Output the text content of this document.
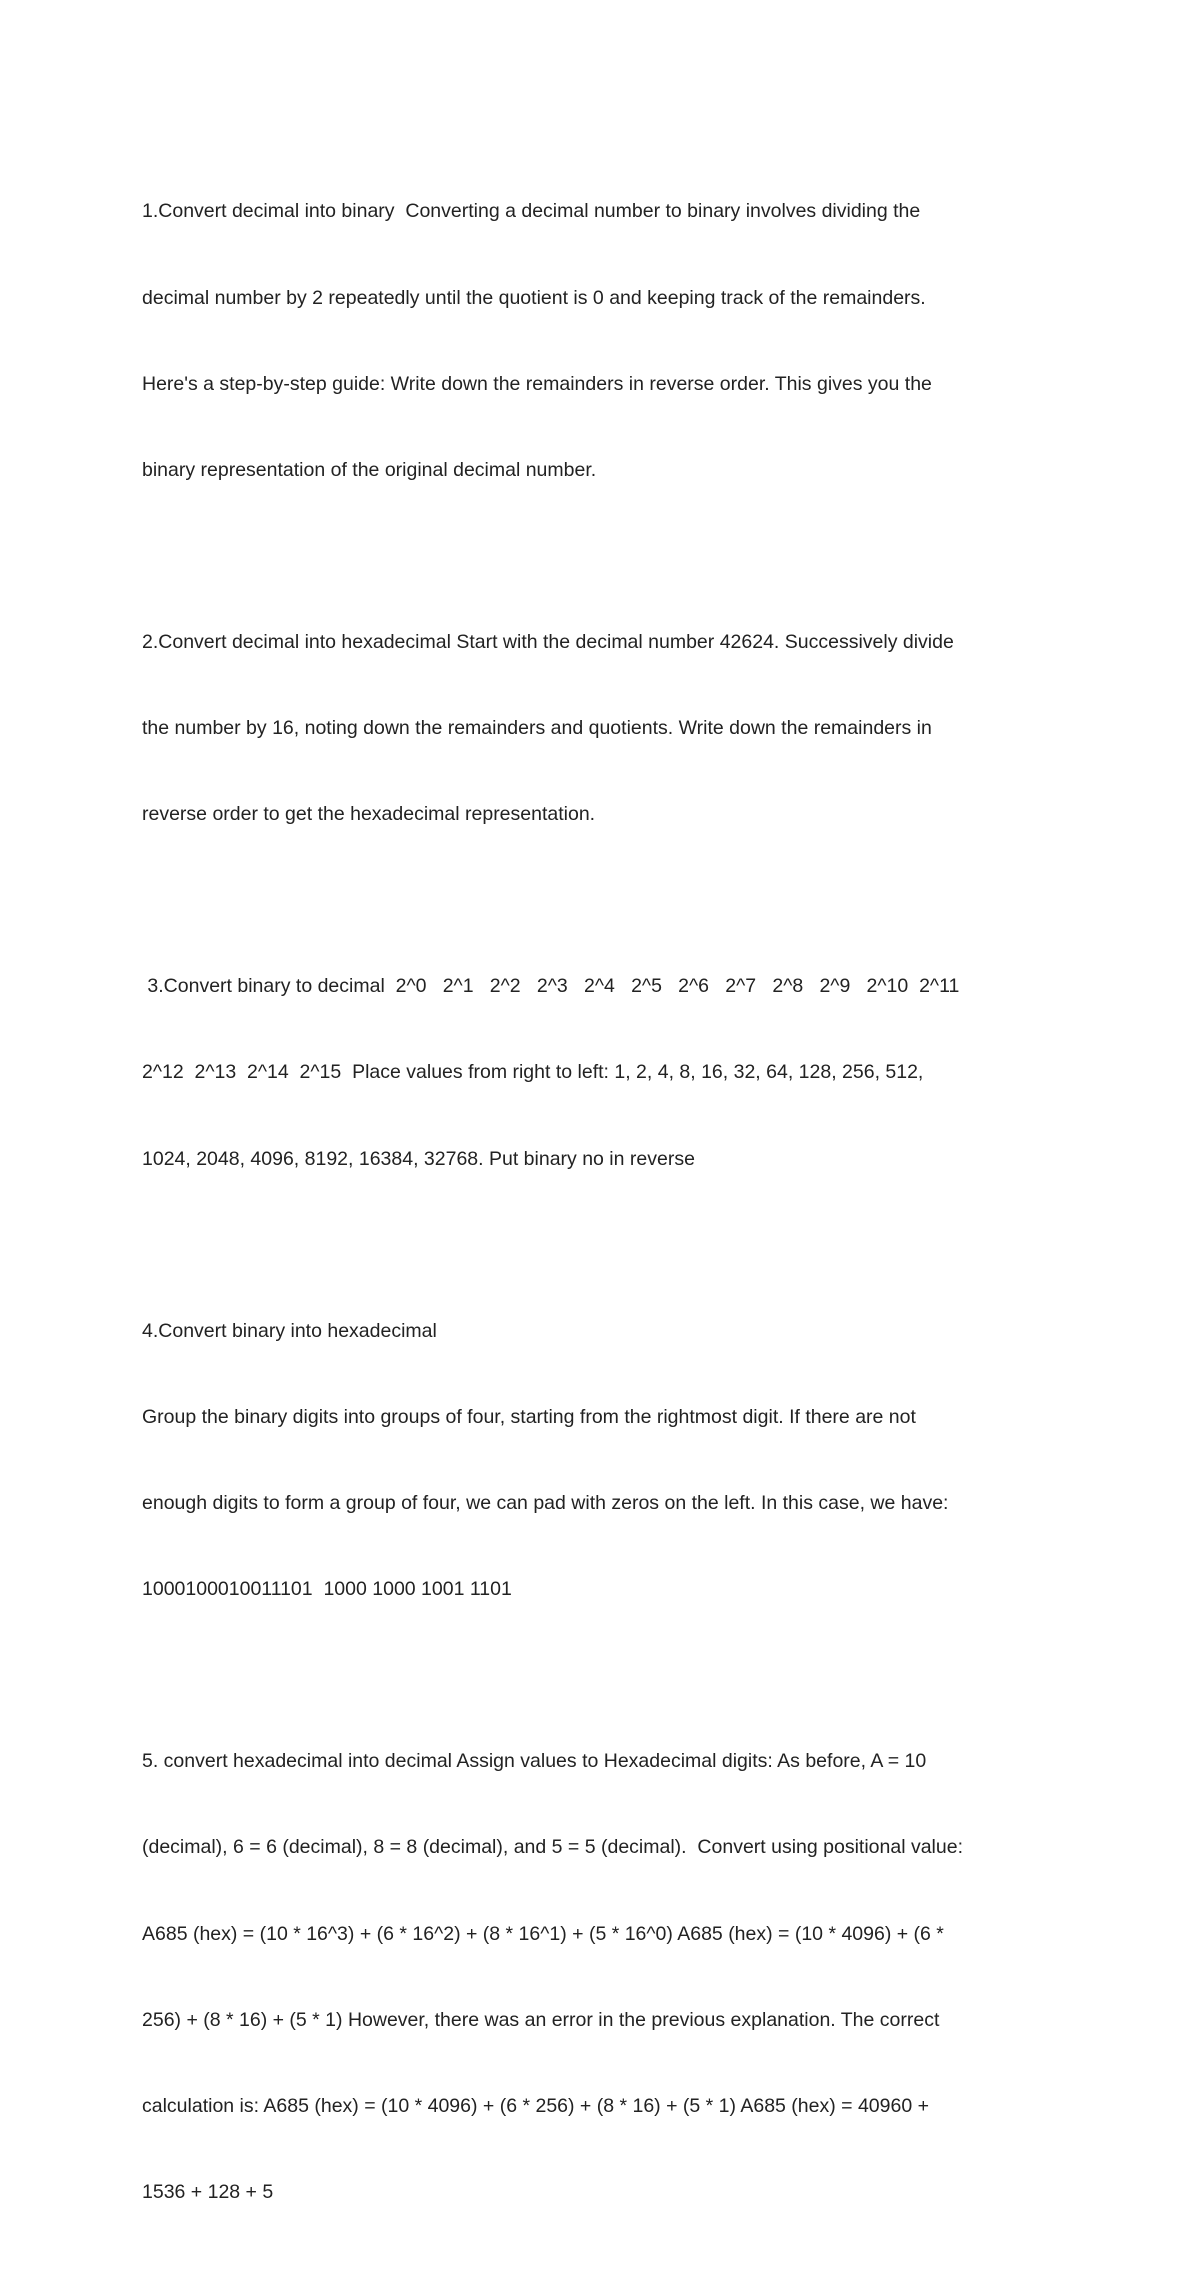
1.Convert decimal into binary  Converting a decimal number to binary involves dividing the

decimal number by 2 repeatedly until the quotient is 0 and keeping track of the remainders.

Here's a step-by-step guide: Write down the remainders in reverse order. This gives you the

binary representation of the original decimal number.

2.Convert decimal into hexadecimal Start with the decimal number 42624. Successively divide

the number by 16, noting down the remainders and quotients. Write down the remainders in

reverse order to get the hexadecimal representation.

3.Convert binary to decimal  2^0   2^1   2^2   2^3   2^4   2^5   2^6   2^7   2^8   2^9   2^10  2^11

2^12  2^13  2^14  2^15  Place values from right to left: 1, 2, 4, 8, 16, 32, 64, 128, 256, 512,

1024, 2048, 4096, 8192, 16384, 32768. Put binary no in reverse

4.Convert binary into hexadecimal

Group the binary digits into groups of four, starting from the rightmost digit. If there are not

enough digits to form a group of four, we can pad with zeros on the left. In this case, we have:

1000100010011101  1000 1000 1001 1101

5. convert hexadecimal into decimal Assign values to Hexadecimal digits: As before, A = 10

(decimal), 6 = 6 (decimal), 8 = 8 (decimal), and 5 = 5 (decimal).  Convert using positional value:

A685 (hex) = (10 * 16^3) + (6 * 16^2) + (8 * 16^1) + (5 * 16^0) A685 (hex) = (10 * 4096) + (6 *

256) + (8 * 16) + (5 * 1) However, there was an error in the previous explanation. The correct

calculation is: A685 (hex) = (10 * 4096) + (6 * 256) + (8 * 16) + (5 * 1) A685 (hex) = 40960 +

1536 + 128 + 5
